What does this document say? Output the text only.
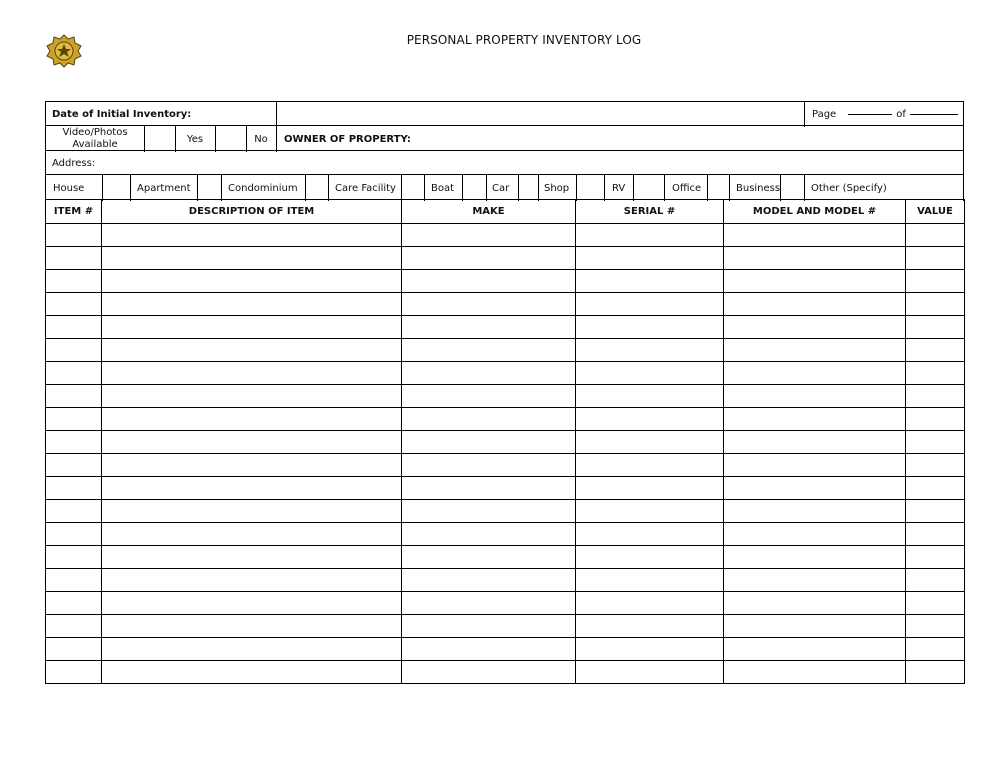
PERSONAL PROPERTY INVENTORY LOG
Date of Initial Inventory:	Page	of
Video/Photos
Available	Yes	No	OWNER OF PROPERTY:
Address:
House	Apartment	Condominium	Care Facility	Boat	Car	Shop	RV	Office	Business	Other (Specify)
ITEM #	DESCRIPTION OF ITEM	MAKE	SERIAL #	MODEL AND MODEL #	VALUE
